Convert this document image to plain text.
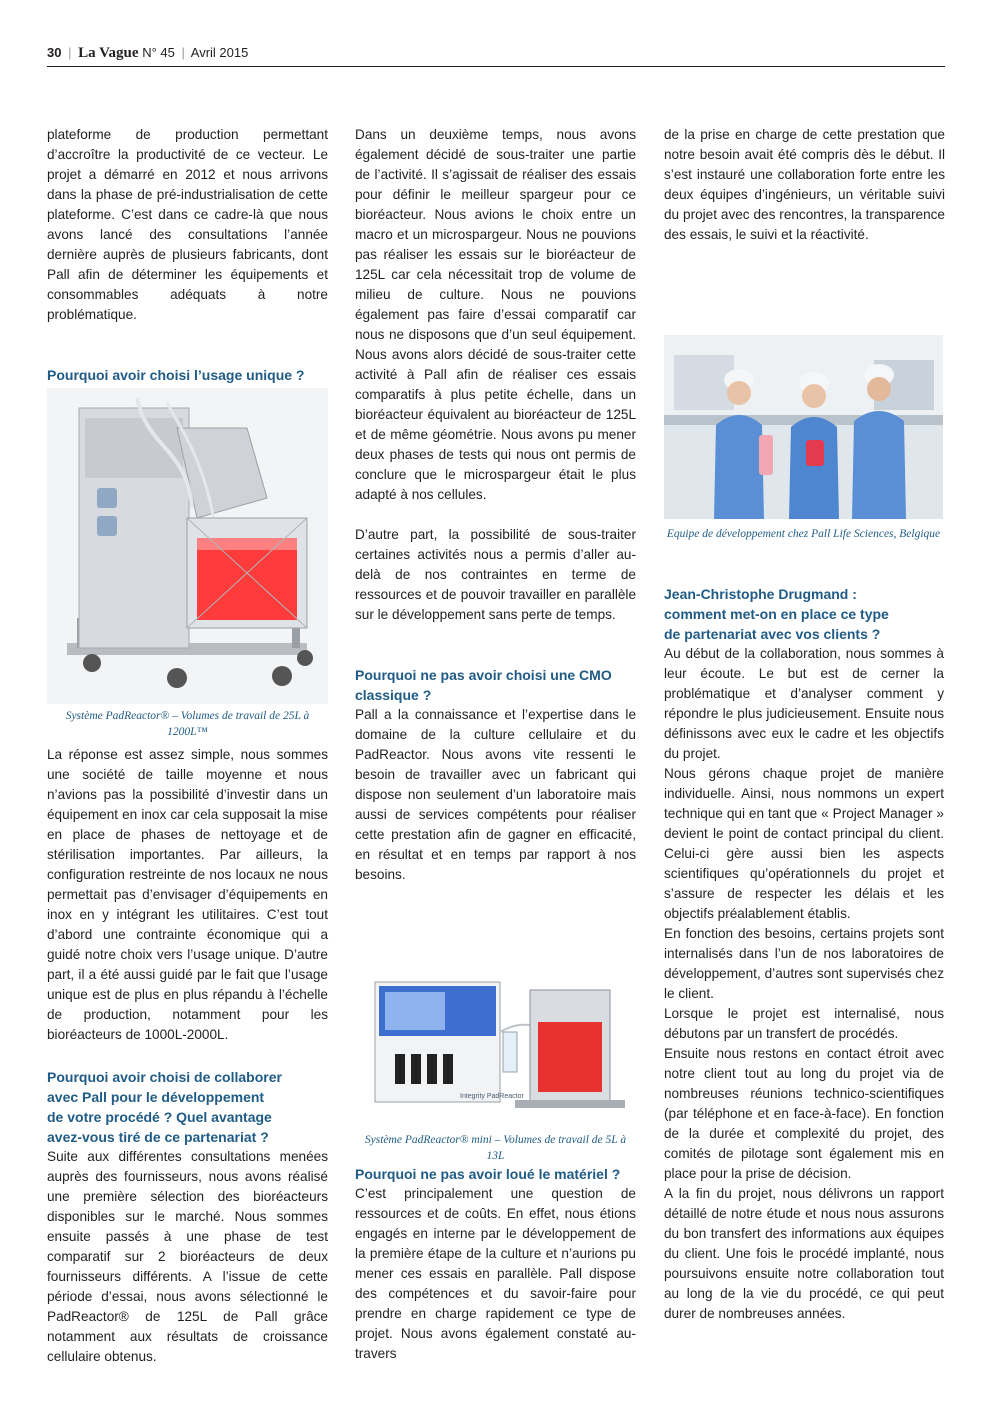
30 | La Vague N° 45 | Avril 2015

plateforme de production permettant d’accroître la productivité de ce vecteur. Le projet a démarré en 2012 et nous arrivons dans la phase de pré-industrialisation de cette plateforme. C’est dans ce cadre-là que nous avons lancé des consultations l’année dernière auprès de plusieurs fabricants, dont Pall afin de déterminer les équipements et consommables adéquats à notre problématique.

Pourquoi avoir choisi l’usage unique ?
Système PadReactor® – Volumes de travail de 25L à 1200L™

La réponse est assez simple, nous sommes une société de taille moyenne et nous n’avions pas la possibilité d’investir dans un équipement en inox car cela supposait la mise en place de phases de nettoyage et de stérilisation importantes. Par ailleurs, la configuration restreinte de nos locaux ne nous permettait pas d’envisager d’équipements en inox en y intégrant les utilitaires. C’est tout d’abord une contrainte économique qui a guidé notre choix vers l’usage unique. D’autre part, il a été aussi guidé par le fait que l’usage unique est de plus en plus répandu à l’échelle de production, notamment pour les bioréacteurs de 1000L-2000L.

Pourquoi avoir choisi de collaborer
avec Pall pour le développement
de votre procédé ? Quel avantage
avez-vous tiré de ce partenariat ?

Suite aux différentes consultations menées auprès des fournisseurs, nous avons réalisé une première sélection des bioréacteurs disponibles sur le marché. Nous sommes ensuite passés à une phase de test comparatif sur 2 bioréacteurs de deux fournisseurs différents. A l’issue de cette période d’essai, nous avons sélectionné le PadReactor® de 125L de Pall grâce notamment aux résultats de croissance cellulaire obtenus.

Dans un deuxième temps, nous avons également décidé de sous-traiter une partie de l’activité. Il s’agissait de réaliser des essais pour définir le meilleur spargeur pour ce bioréacteur. Nous avions le choix entre un macro et un microspargeur. Nous ne pouvions pas réaliser les essais sur le bioréacteur de 125L car cela nécessitait trop de volume de milieu de culture. Nous ne pouvions également pas faire d’essai comparatif car nous ne disposons que d’un seul équipement. Nous avons alors décidé de sous-traiter cette activité à Pall afin de réaliser ces essais comparatifs à plus petite échelle, dans un bioréacteur équivalent au bioréacteur de 125L et de même géométrie. Nous avons pu mener deux phases de tests qui nous ont permis de conclure que le microspargeur était le plus adapté à nos cellules.

D’autre part, la possibilité de sous-traiter certaines activités nous a permis d’aller au-delà de nos contraintes en terme de ressources et de pouvoir travailler en parallèle sur le développement sans perte de temps.

Pourquoi ne pas avoir choisi une CMO
classique ?

Pall a la connaissance et l’expertise dans le domaine de la culture cellulaire et du PadReactor. Nous avons vite ressenti le besoin de travailler avec un fabricant qui dispose non seulement d’un laboratoire mais aussi de services compétents pour réaliser cette prestation afin de gagner en efficacité, en résultat et en temps par rapport à nos besoins.

Integrity PadReactor
Système PadReactor® mini – Volumes de travail de 5L à 13L
Pourquoi ne pas avoir loué le matériel ?

C’est principalement une question de ressources et de coûts. En effet, nous étions engagés en interne par le développement de la première étape de la culture et n’aurions pu mener ces essais en parallèle. Pall dispose des compétences et du savoir-faire pour prendre en charge rapidement ce type de projet. Nous avons également constaté au-travers

de la prise en charge de cette prestation que notre besoin avait été compris dès le début. Il s’est instauré une collaboration forte entre les deux équipes d’ingénieurs, un véritable suivi du projet avec des rencontres, la transparence des essais, le suivi et la réactivité.

Equipe de développement chez Pall Life Sciences, Belgique
Jean-Christophe Drugmand :
comment met-on en place ce type
de partenariat avec vos clients ?

Au début de la collaboration, nous sommes à leur écoute. Le but est de cerner la problématique et d’analyser comment y répondre le plus judicieusement. Ensuite nous définissons avec eux le cadre et les objectifs du projet.

Nous gérons chaque projet de manière individuelle. Ainsi, nous nommons un expert technique qui en tant que « Project Manager » devient le point de contact principal du client. Celui-ci gère aussi bien les aspects scientifiques qu’opérationnels du projet et s’assure de respecter les délais et les objectifs préalablement établis.

En fonction des besoins, certains projets sont internalisés dans l’un de nos laboratoires de développement, d’autres sont supervisés chez le client.

Lorsque le projet est internalisé, nous débutons par un transfert de procédés.

Ensuite nous restons en contact étroit avec notre client tout au long du projet via de nombreuses réunions technico-scientifiques (par téléphone et en face-à-face). En fonction de la durée et complexité du projet, des comités de pilotage sont également mis en place pour la prise de décision.

A la fin du projet, nous délivrons un rapport détaillé de notre étude et nous nous assurons du bon transfert des informations aux équipes du client. Une fois le procédé implanté, nous poursuivons ensuite notre collaboration tout au long de la vie du procédé, ce qui peut durer de nombreuses années.
